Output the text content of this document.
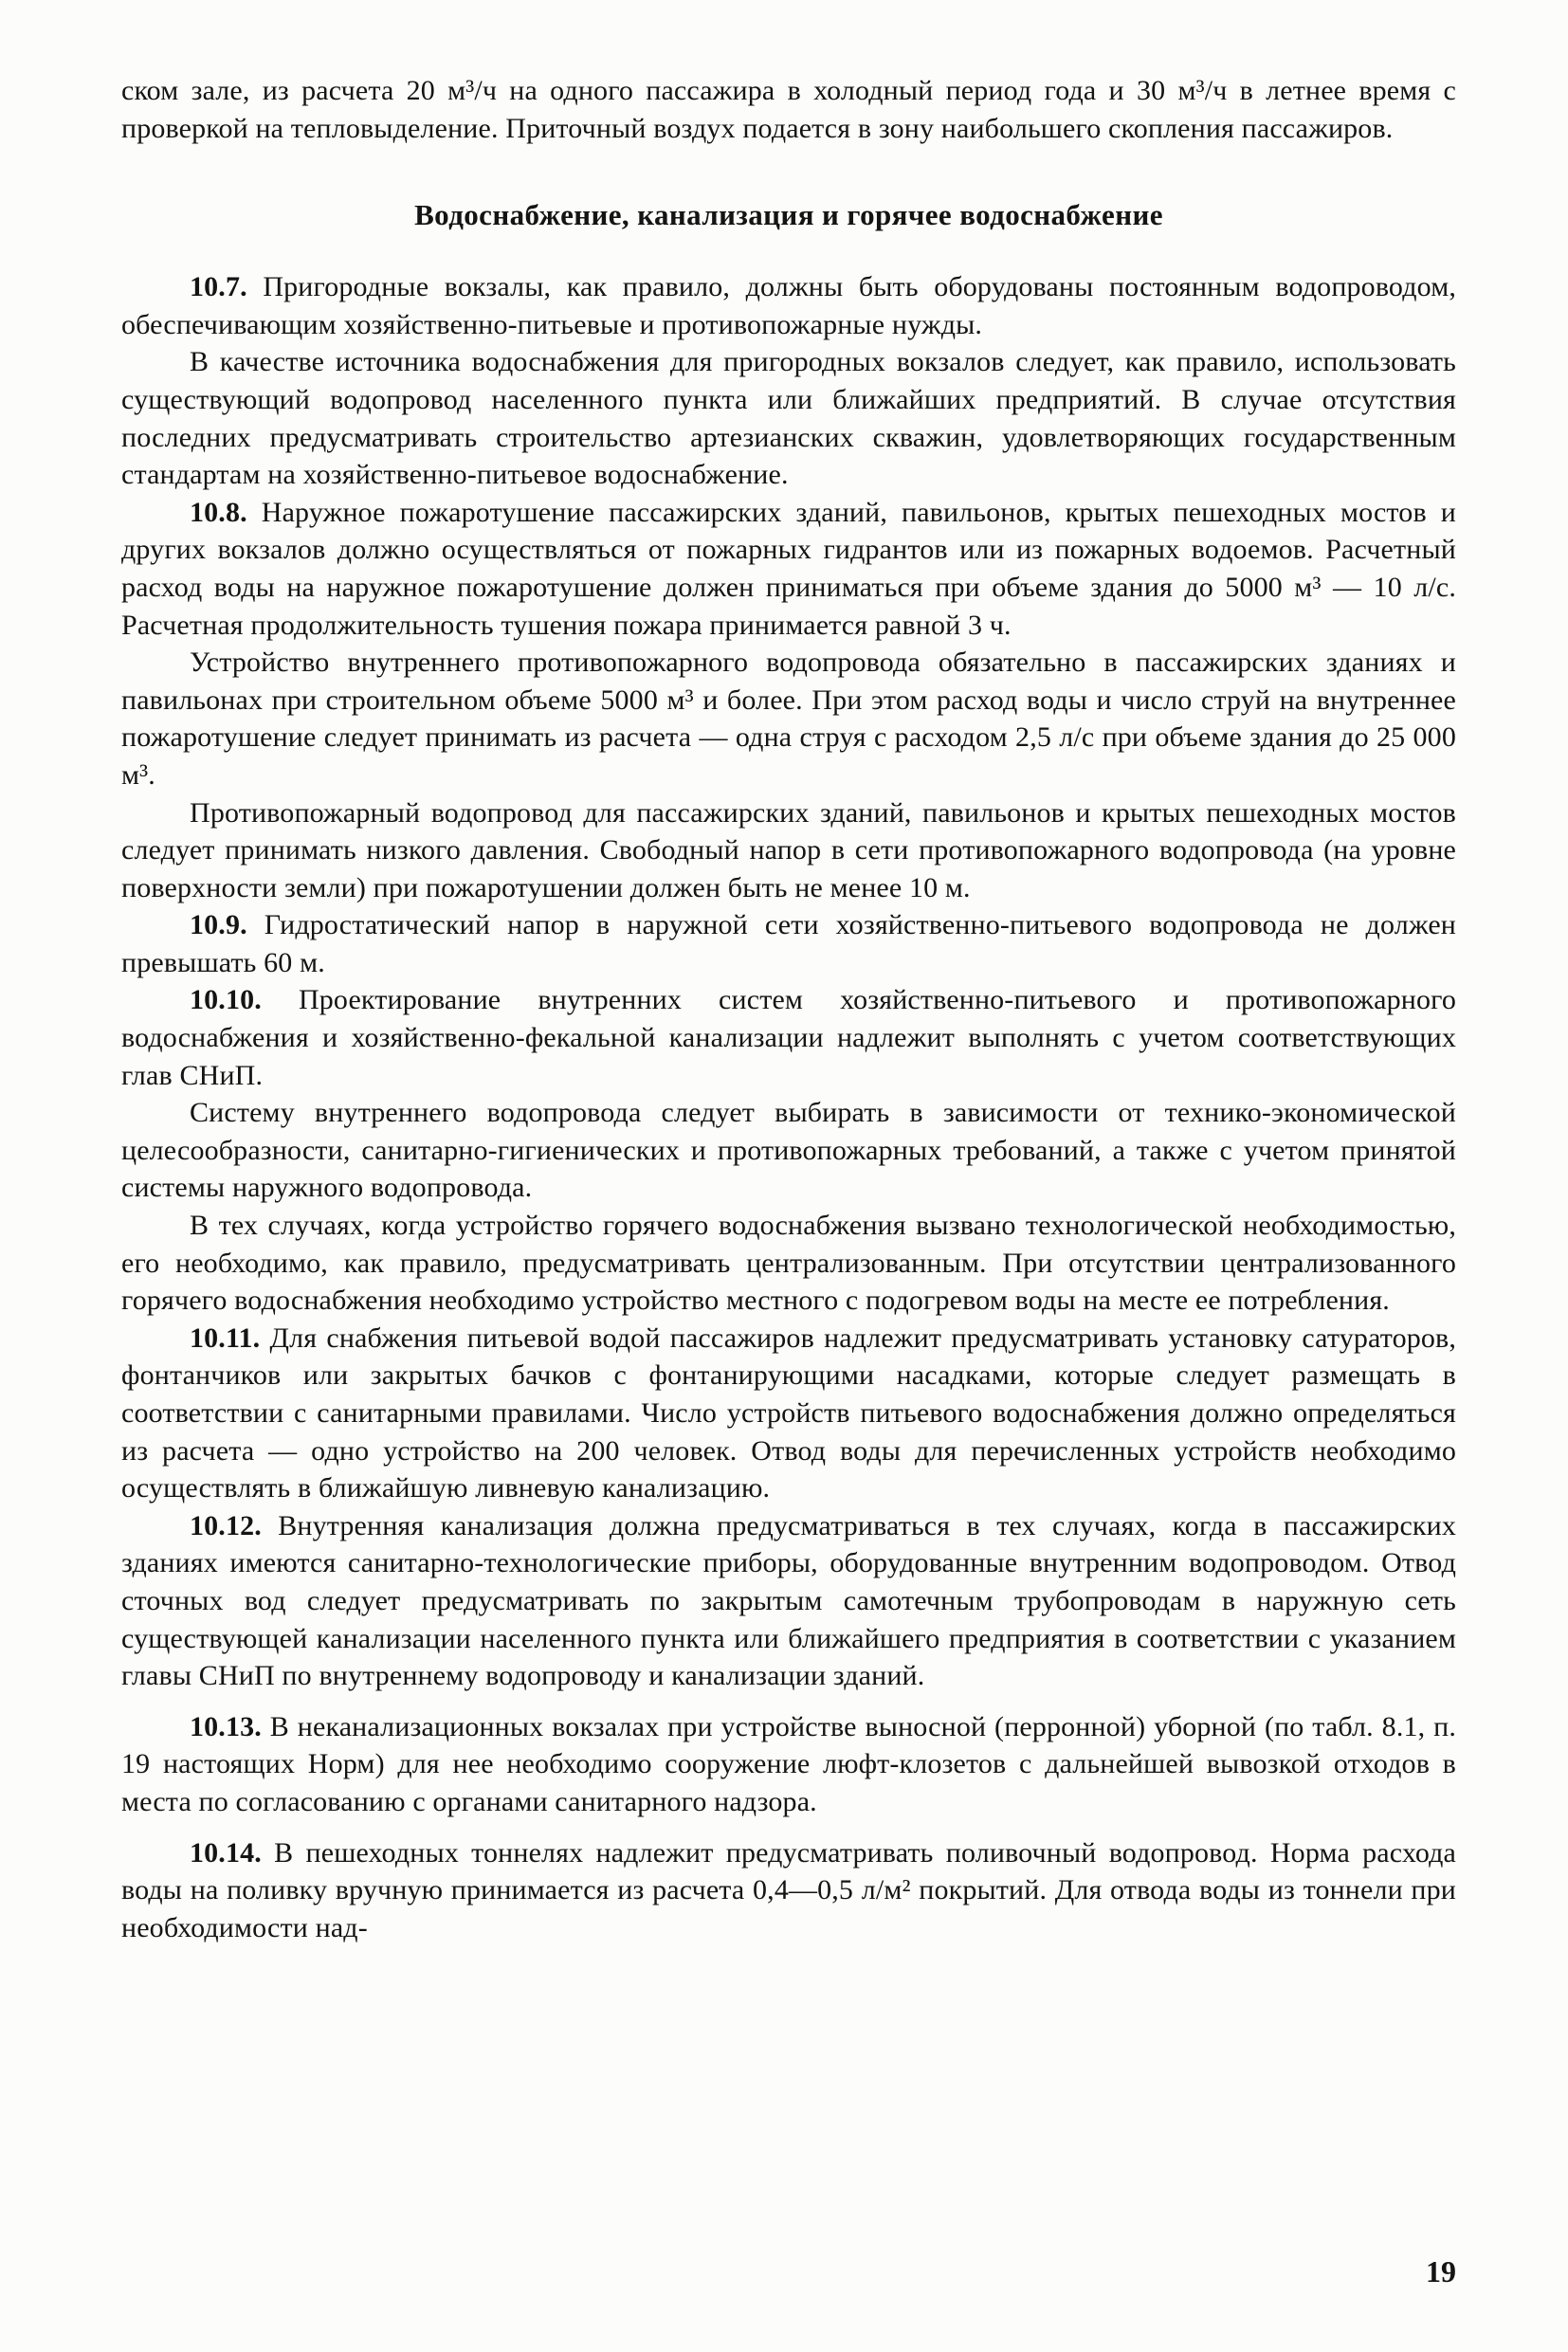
ском зале, из расчета 20 м³/ч на одного пассажира в холодный период года и 30 м³/ч в летнее время с проверкой на тепловыделение. Приточный воздух подается в зону наибольшего скопления пассажиров.

Водоснабжение, канализация и горячее водоснабжение

10.7. Пригородные вокзалы, как правило, должны быть оборудованы постоянным водопроводом, обеспечивающим хозяйственно-питьевые и противопожарные нужды.

В качестве источника водоснабжения для пригородных вокзалов следует, как правило, использовать существующий водопровод населенного пункта или ближайших предприятий. В случае отсутствия последних предусматривать строительство артезианских скважин, удовлетворяющих государственным стандартам на хозяйственно-питьевое водоснабжение.

10.8. Наружное пожаротушение пассажирских зданий, павильонов, крытых пешеходных мостов и других вокзалов должно осуществляться от пожарных гидрантов или из пожарных водоемов. Расчетный расход воды на наружное пожаротушение должен приниматься при объеме здания до 5000 м³ — 10 л/с. Расчетная продолжительность тушения пожара принимается равной 3 ч.

Устройство внутреннего противопожарного водопровода обязательно в пассажирских зданиях и павильонах при строительном объеме 5000 м³ и более. При этом расход воды и число струй на внутреннее пожаротушение следует принимать из расчета — одна струя с расходом 2,5 л/с при объеме здания до 25 000 м³.

Противопожарный водопровод для пассажирских зданий, павильонов и крытых пешеходных мостов следует принимать низкого давления. Свободный напор в сети противопожарного водопровода (на уровне поверхности земли) при пожаротушении должен быть не менее 10 м.

10.9. Гидростатический напор в наружной сети хозяйственно-питьевого водопровода не должен превышать 60 м.

10.10. Проектирование внутренних систем хозяйственно-питьевого и противопожарного водоснабжения и хозяйственно-фекальной канализации надлежит выполнять с учетом соответствующих глав СНиП.

Систему внутреннего водопровода следует выбирать в зависимости от технико-экономической целесообразности, санитарно-гигиенических и противопожарных требований, а также с учетом принятой системы наружного водопровода.

В тех случаях, когда устройство горячего водоснабжения вызвано технологической необходимостью, его необходимо, как правило, предусматривать централизованным. При отсутствии централизованного горячего водоснабжения необходимо устройство местного с подогревом воды на месте ее потребления.

10.11. Для снабжения питьевой водой пассажиров надлежит предусматривать установку сатураторов, фонтанчиков или закрытых бачков с фонтанирующими насадками, которые следует размещать в соответствии с санитарными правилами. Число устройств питьевого водоснабжения должно определяться из расчета — одно устройство на 200 человек. Отвод воды для перечисленных устройств необходимо осуществлять в ближайшую ливневую канализацию.

10.12. Внутренняя канализация должна предусматриваться в тех случаях, когда в пассажирских зданиях имеются санитарно-технологические приборы, оборудованные внутренним водопроводом. Отвод сточных вод следует предусматривать по закрытым самотечным трубопроводам в наружную сеть существующей канализации населенного пункта или ближайшего предприятия в соответствии с указанием главы СНиП по внутреннему водопроводу и канализации зданий.

10.13. В неканализационных вокзалах при устройстве выносной (перронной) уборной (по табл. 8.1, п. 19 настоящих Норм) для нее необходимо сооружение люфт-клозетов с дальнейшей вывозкой отходов в места по согласованию с органами санитарного надзора.

10.14. В пешеходных тоннелях надлежит предусматривать поливочный водопровод. Норма расхода воды на поливку вручную принимается из расчета 0,4—0,5 л/м² покрытий. Для отвода воды из тоннели при необходимости над-

19
